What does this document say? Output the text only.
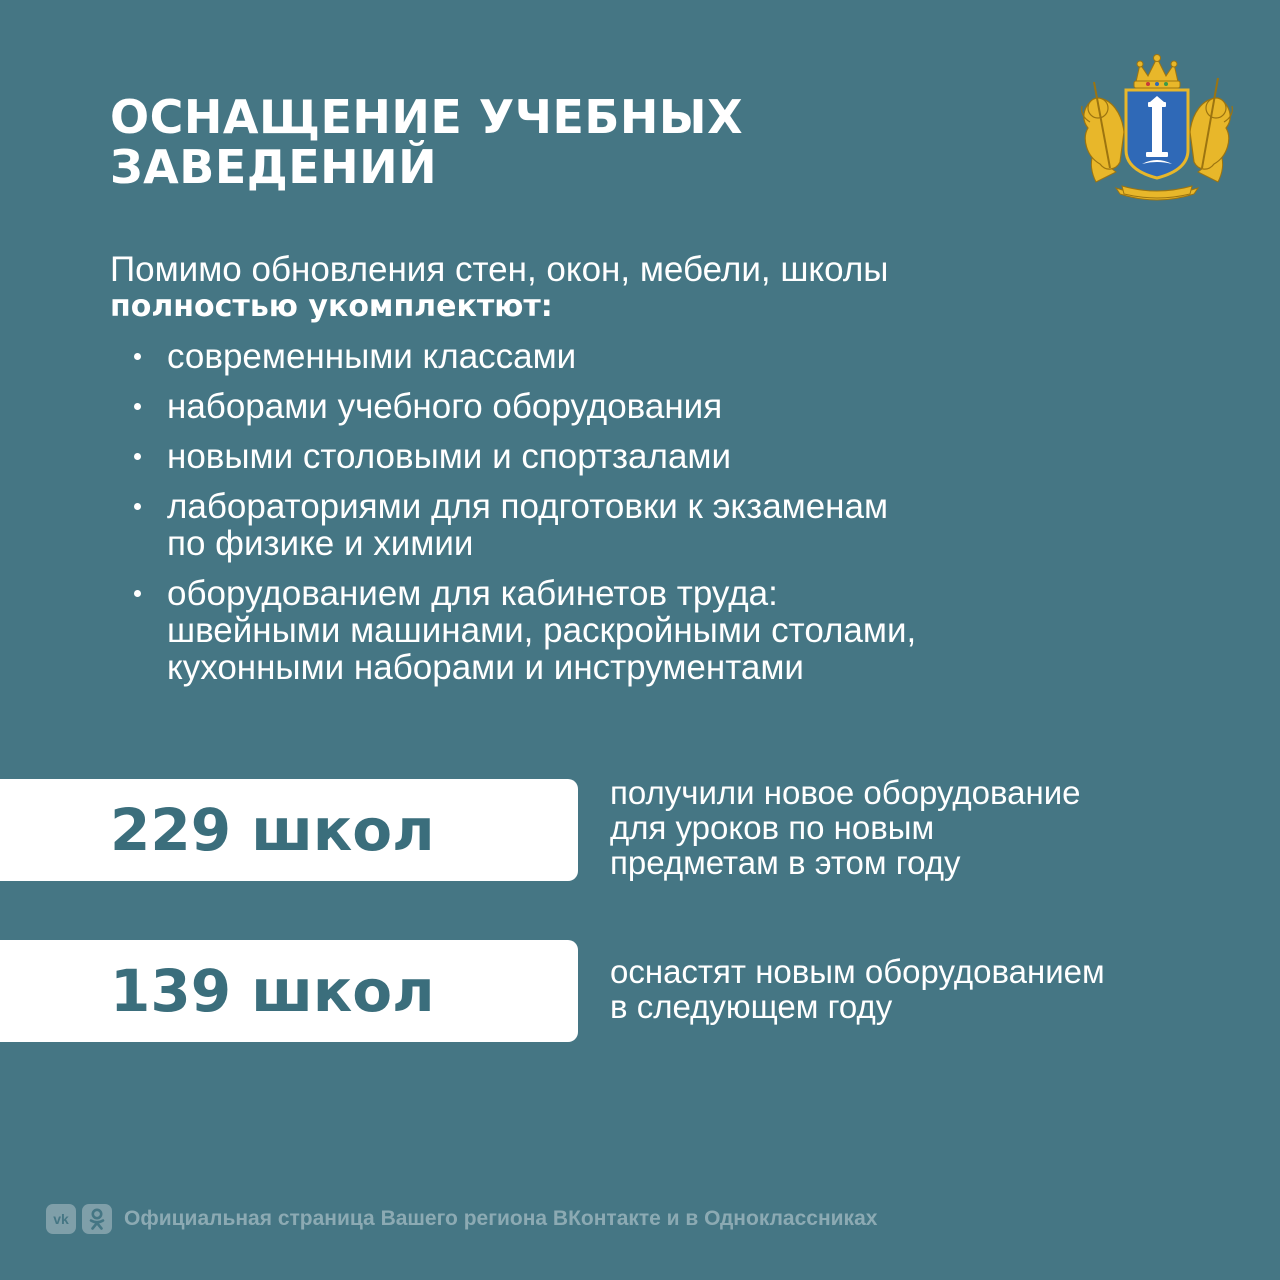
ОСНАЩЕНИЕ УЧЕБНЫХ
ЗАВЕДЕНИЙ
Помимо обновления стен, окон, мебели, школы
полностью укомплектют:
современными классами
наборами учебного оборудования
новыми столовыми и спортзалами
лабораториями для подготовки к экзаменам
по физике и химии
оборудованием для кабинетов труда:
швейными машинами, раскройными столами,
кухонными наборами и инструментами
229 школ
получили новое оборудование
для уроков по новым
предметам в этом году
139 школ	оснастят новым оборудованием
в следующем году
vk	Официальная страница Вашего региона ВКонтакте и в Одноклассниках
